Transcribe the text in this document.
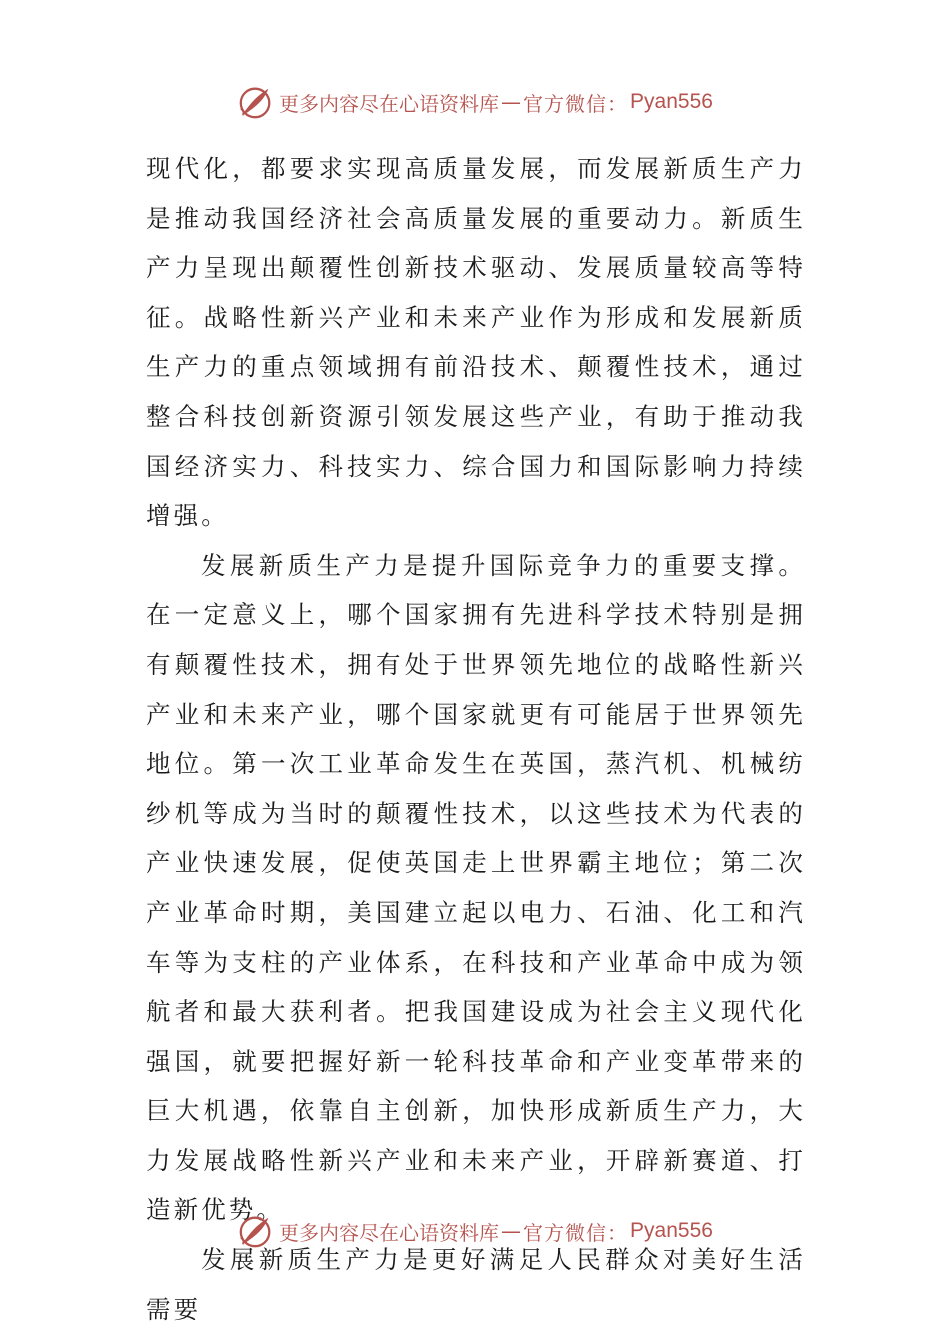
更多内容尽在心语资料库 — 官方微信： Pyan556

现代化，都要求实现高质量发展，而发展新质生产力是推动我国经济社会高质量发展的重要动力。新质生产力呈现出颠覆性创新技术驱动、发展质量较高等特征。战略性新兴产业和未来产业作为形成和发展新质生产力的重点领域拥有前沿技术、颠覆性技术，通过整合科技创新资源引领发展这些产业，有助于推动我国经济实力、科技实力、综合国力和国际影响力持续增强。

发展新质生产力是提升国际竞争力的重要支撑。在一定意义上，哪个国家拥有先进科学技术特别是拥有颠覆性技术，拥有处于世界领先地位的战略性新兴产业和未来产业，哪个国家就更有可能居于世界领先地位。第一次工业革命发生在英国，蒸汽机、机械纺纱机等成为当时的颠覆性技术，以这些技术为代表的产业快速发展，促使英国走上世界霸主地位；第二次产业革命时期，美国建立起以电力、石油、化工和汽车等为支柱的产业体系，在科技和产业革命中成为领航者和最大获利者。把我国建设成为社会主义现代化强国，就要把握好新一轮科技革命和产业变革带来的巨大机遇，依靠自主创新，加快形成新质生产力，大力发展战略性新兴产业和未来产业，开辟新赛道、打造新优势。

发展新质生产力是更好满足人民群众对美好生活需要

更多内容尽在心语资料库 — 官方微信： Pyan556
